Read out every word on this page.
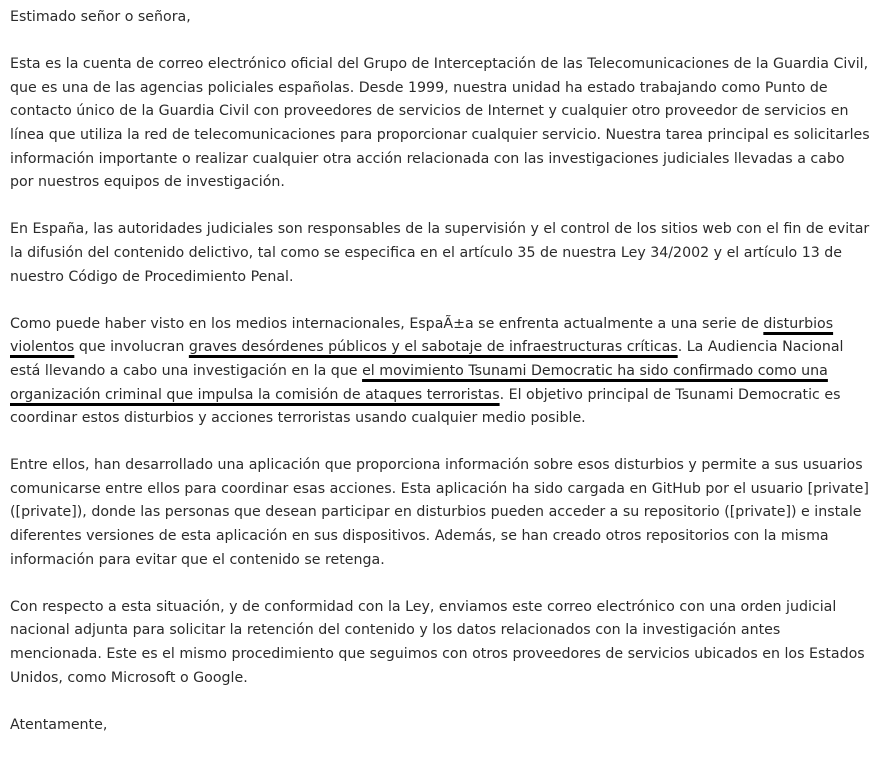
Estimado señor o señora,

Esta es la cuenta de correo electrónico oficial del Grupo de Interceptación de las Telecomunicaciones de la Guardia Civil, que es una de las agencias policiales españolas. Desde 1999, nuestra unidad ha estado trabajando como Punto de contacto único de la Guardia Civil con proveedores de servicios de Internet y cualquier otro proveedor de servicios en línea que utiliza la red de telecomunicaciones para proporcionar cualquier servicio. Nuestra tarea principal es solicitarles información importante o realizar cualquier otra acción relacionada con las investigaciones judiciales llevadas a cabo por nuestros equipos de investigación.

En España, las autoridades judiciales son responsables de la supervisión y el control de los sitios web con el fin de evitar la difusión del contenido delictivo, tal como se especifica en el artículo 35 de nuestra Ley 34/2002 y el artículo 13 de nuestro Código de Procedimiento Penal.

Como puede haber visto en los medios internacionales, EspaÃ±a se enfrenta actualmente a una serie de disturbios violentos que involucran graves desórdenes públicos y el sabotaje de infraestructuras críticas. La Audiencia Nacional está llevando a cabo una investigación en la que el movimiento Tsunami Democratic ha sido confirmado como una organización criminal que impulsa la comisión de ataques terroristas. El objetivo principal de Tsunami Democratic es coordinar estos disturbios y acciones terroristas usando cualquier medio posible.

Entre ellos, han desarrollado una aplicación que proporciona información sobre esos disturbios y permite a sus usuarios comunicarse entre ellos para coordinar esas acciones. Esta aplicación ha sido cargada en GitHub por el usuario [private] ([private]), donde las personas que desean participar en disturbios pueden acceder a su repositorio ([private]) e instale diferentes versiones de esta aplicación en sus dispositivos. Además, se han creado otros repositorios con la misma información para evitar que el contenido se retenga.

Con respecto a esta situación, y de conformidad con la Ley, enviamos este correo electrónico con una orden judicial nacional adjunta para solicitar la retención del contenido y los datos relacionados con la investigación antes mencionada. Este es el mismo procedimiento que seguimos con otros proveedores de servicios ubicados en los Estados Unidos, como Microsoft o Google.

Atentamente,
